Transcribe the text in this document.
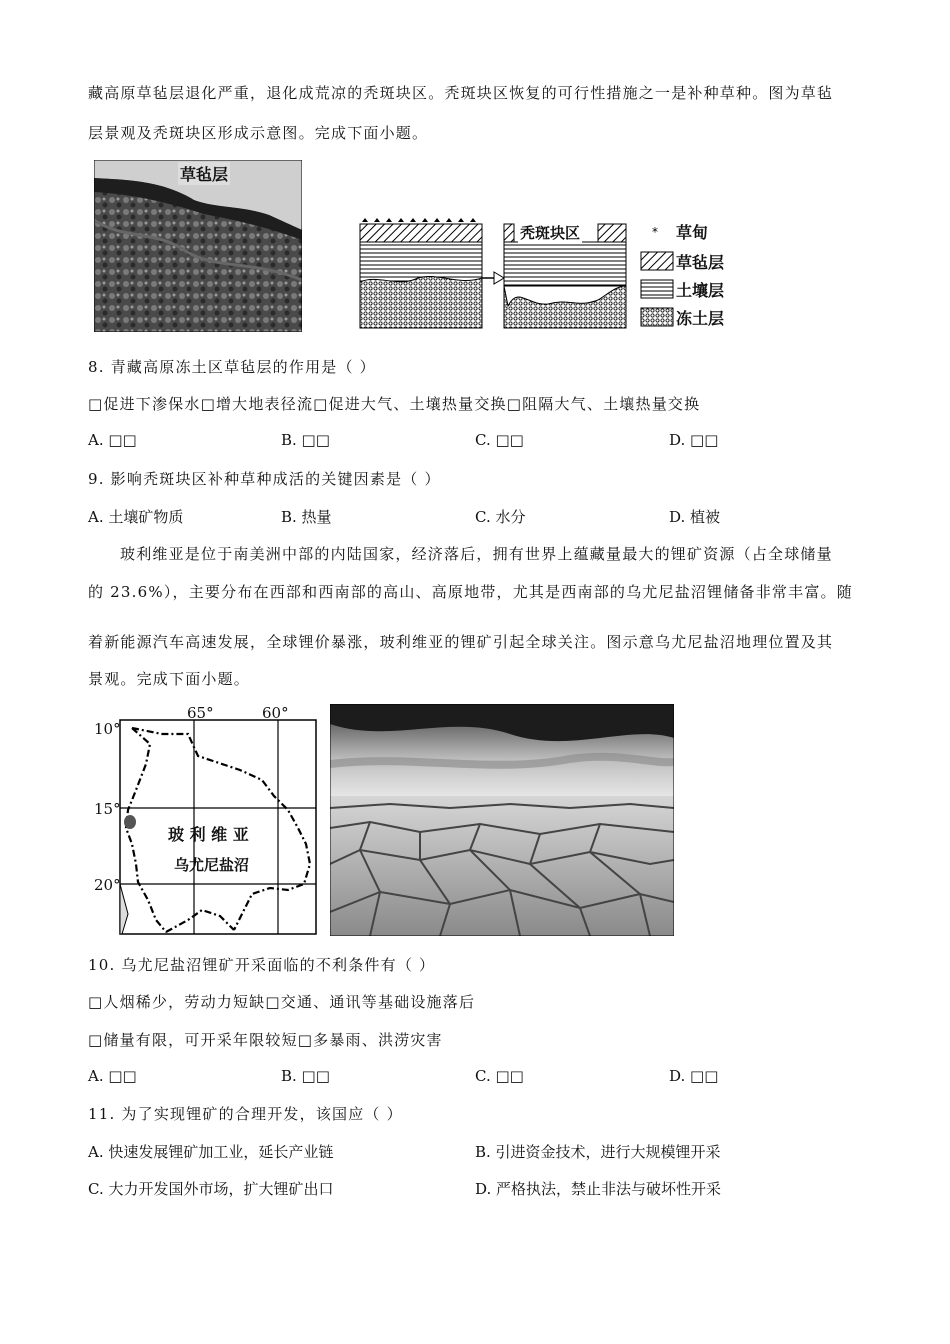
藏高原草毡层退化严重，退化成荒凉的秃斑块区。秃斑块区恢复的可行性措施之一是补种草种。图为草毡
层景观及秃斑块区形成示意图。完成下面小题。
草毡层
秃斑块区	* 草甸
草毡层
土壤层
冻土层
8. 青藏高原冻土区草毡层的作用是（ ）
□促进下渗保水□增大地表径流□促进大气、土壤热量交换□阻隔大气、土壤热量交换
A. □□	B. □□	C. □□	D. □□
9. 影响秃斑块区补种草种成活的关键因素是（ ）
A. 土壤矿物质	B. 热量	C. 水分	D. 植被
玻利维亚是位于南美洲中部的内陆国家，经济落后，拥有世界上蕴藏量最大的锂矿资源（占全球储量
的 23.6%），主要分布在西部和西南部的高山、高原地带，尤其是西南部的乌尤尼盐沼锂储备非常丰富。随
着新能源汽车高速发展，全球锂价暴涨，玻利维亚的锂矿引起全球关注。图示意乌尤尼盐沼地理位置及其
景观。完成下面小题。
65°	60°
10°
15°
20°
玻 利 维 亚
乌尤尼盐沼
10. 乌尤尼盐沼锂矿开采面临的不利条件有（ ）
□人烟稀少，劳动力短缺□交通、通讯等基础设施落后
□储量有限，可开采年限较短□多暴雨、洪涝灾害
A. □□	B. □□	C. □□	D. □□
11. 为了实现锂矿的合理开发，该国应（ ）
A. 快速发展锂矿加工业，延长产业链	B. 引进资金技术，进行大规模锂开采
C. 大力开发国外市场，扩大锂矿出口	D. 严格执法，禁止非法与破坏性开采
